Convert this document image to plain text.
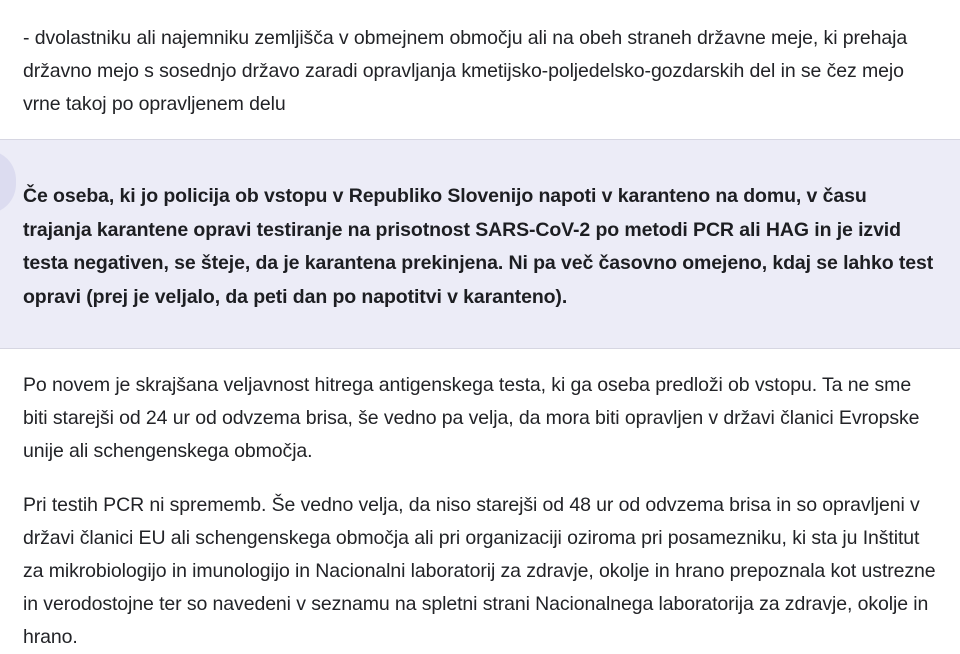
- dvolastniku ali najemniku zemljišča v obmejnem območju ali na obeh straneh državne meje, ki prehaja državno mejo s sosednjo državo zaradi opravljanja kmetijsko-poljedelsko-gozdarskih del in se čez mejo vrne takoj po opravljenem delu

Če oseba, ki jo policija ob vstopu v Republiko Slovenijo napoti v karanteno na domu, v času trajanja karantene opravi testiranje na prisotnost SARS-CoV-2 po metodi PCR ali HAG in je izvid testa negativen, se šteje, da je karantena prekinjena. Ni pa več časovno omejeno, kdaj se lahko test opravi (prej je veljalo, da peti dan po napotitvi v karanteno).

Po novem je skrajšana veljavnost hitrega antigenskega testa, ki ga oseba predloži ob vstopu. Ta ne sme biti starejši od 24 ur od odvzema brisa, še vedno pa velja, da mora biti opravljen v državi članici Evropske unije ali schengenskega območja.

Pri testih PCR ni sprememb. Še vedno velja, da niso starejši od 48 ur od odvzema brisa in so opravljeni v državi članici EU ali schengenskega območja ali pri organizaciji oziroma pri posamezniku, ki sta ju Inštitut za mikrobiologijo in imunologijo in Nacionalni laboratorij za zdravje, okolje in hrano prepoznala kot ustrezne in verodostojne ter so navedeni v seznamu na spletni strani Nacionalnega laboratorija za zdravje, okolje in hrano.
